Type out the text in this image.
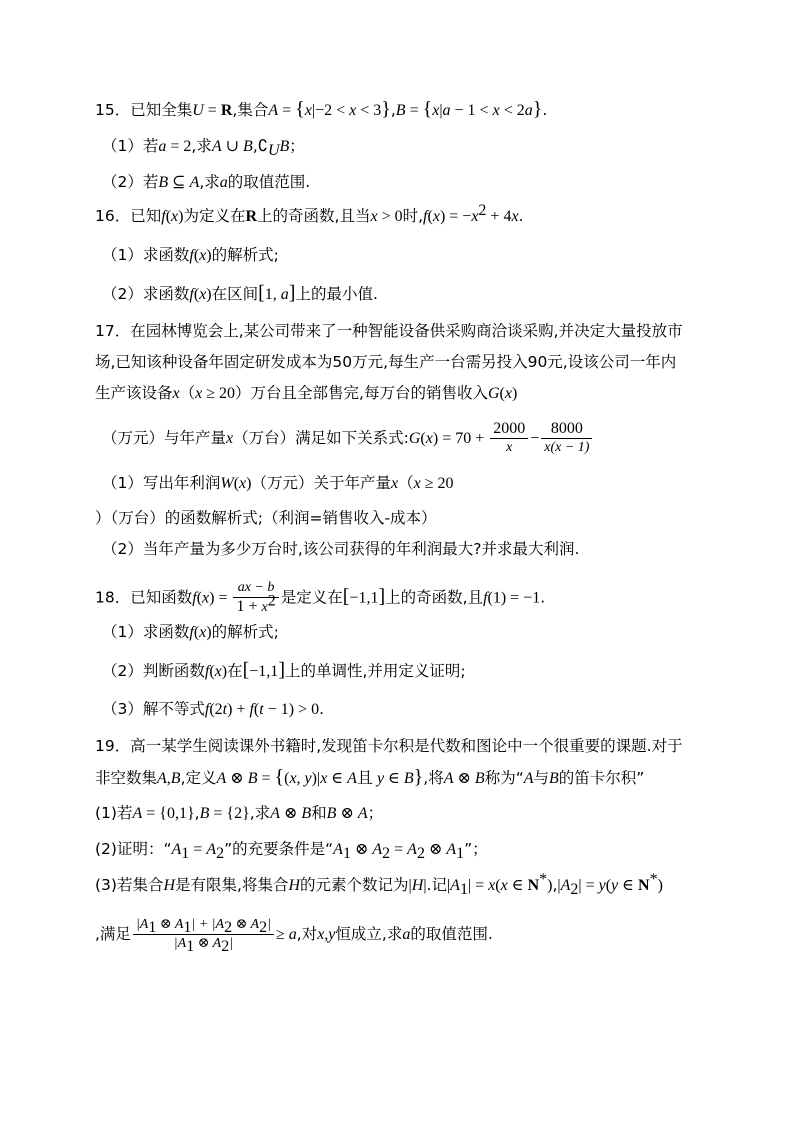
15．已知全集U = R,集合A = {x|−2 < x < 3},B = {x|a − 1 < x < 2a}.
（1）若a = 2,求A ∪ $B,∁_UB$；
（2）若B ⊆ A,求a的取值范围.
16．已知f(x)为定义在R上的奇函数,且当x > 0时$,f(x) = -x^2 + 4x$.
（1）求函数f(x)的解析式;
（2）求函数f(x)在区间[1, a]上的最小值.
17．在园林博览会上,某公司带来了一种智能设备供采购商洽谈采购,并决定大量投放市
场,已知该种设备年固定研发成本为50万元,每生产一台需另投入90元,设该公司一年内
生产该设备x（x ≥ 20）万台且全部售完,每万台的销售收入G(x)
（万元）与年产量x（万台）满足如下关系式:G(x) = $70 + \frac{2000}{x} - \frac{8000}{x(x - 1)}$
（1）写出年利润W(x)（万元）关于年产量x（x ≥ 20
）（万台）的函数解析式;（利润=销售收入-成本）
（2）当年产量为多少万台时,该公司获得的年利润最大?并求最大利润.
18．已知函数$f(x) = \frac{ax - b}{1 + x^2}$ 是定义在[−1,1]上的奇函数,且f(1) = −1.
（1）求函数f(x)的解析式;
（2）判断函数f(x)在[−1,1]上的单调性,并用定义证明;
（3）解不等式f(2t) + f(t − 1) > 0.
19．高一某学生阅读课外书籍时,发现笛卡尔积是代数和图论中一个很重要的课题.对于
非空数集A,B,定义A ⊗ B = {(x, y)|x ∈ A且 y ∈ B},将A ⊗ B称为“A与B的笛卡尔积”
(1)若A = {0,1},B = {2},求A ⊗ B和B ⊗ A；
(2)证明：“$A_1 = A_2$”的充要条件是“$A_1$ ⊗ $A_2 = A_2$ ⊗ $A_1$”；
(3)若集合H是有限集,将集合H的元素个数记为|H|.记$|A_1| = x(x$ ∈ $N^*),|A_2| = y(y$ ∈ N*)
,满足 $\frac{|A_1 \otimes A_1| + |A_2 \otimes A_2|}{|A_1 \otimes A_2|} \ge a$,对x,y恒成立,求a的取值范围.
